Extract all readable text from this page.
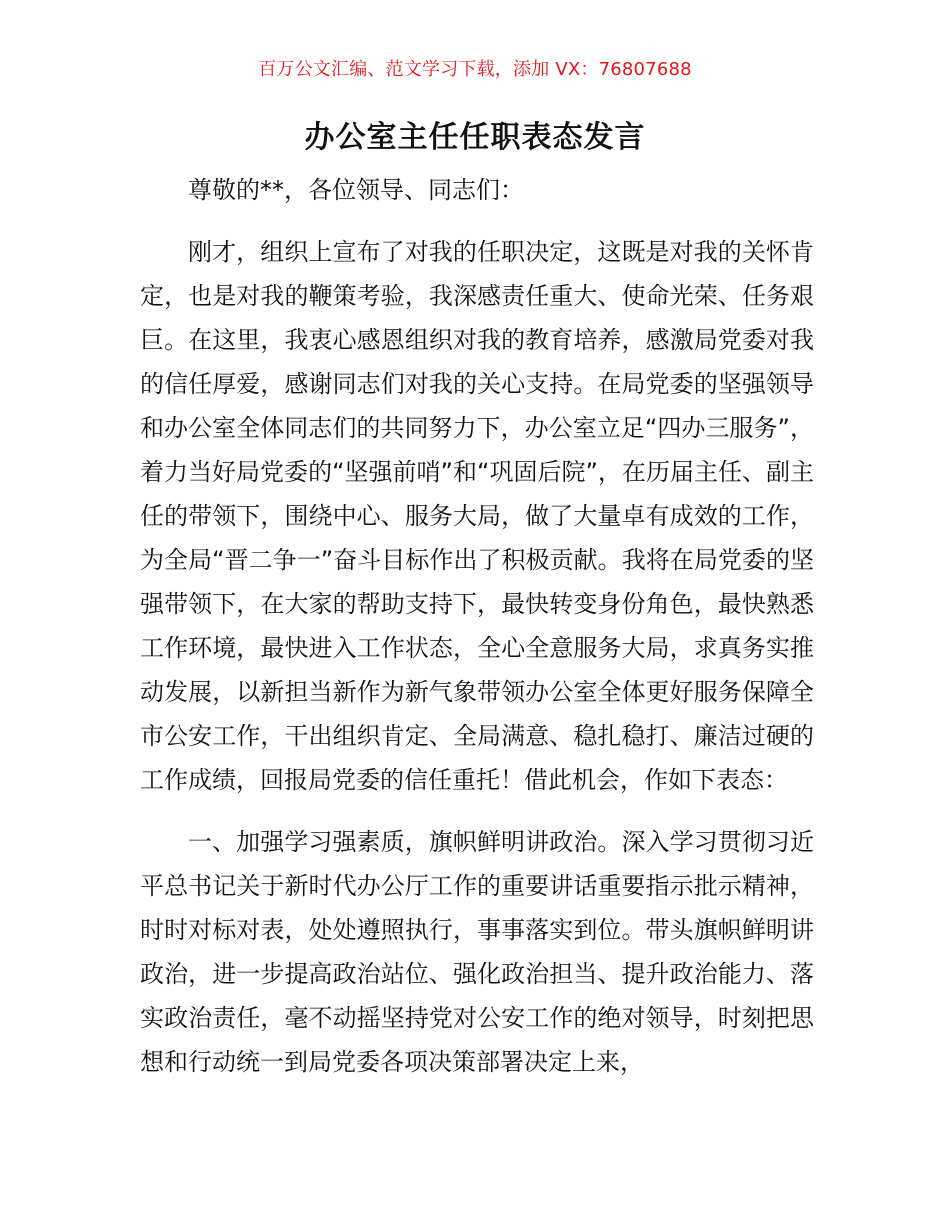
百万公文汇编、范文学习下载，添加 VX：76807688
办公室主任任职表态发言

尊敬的**，各位领导、同志们：

刚才，组织上宣布了对我的任职决定，这既是对我的关怀肯定，也是对我的鞭策考验，我深感责任重大、使命光荣、任务艰巨。在这里，我衷心感恩组织对我的教育培养，感激局党委对我的信任厚爱，感谢同志们对我的关心支持。在局党委的坚强领导和办公室全体同志们的共同努力下，办公室立足“四办三服务”，着力当好局党委的“坚强前哨”和“巩固后院”，在历届主任、副主任的带领下，围绕中心、服务大局，做了大量卓有成效的工作，为全局“晋二争一”奋斗目标作出了积极贡献。我将在局党委的坚强带领下，在大家的帮助支持下，最快转变身份角色，最快熟悉工作环境，最快进入工作状态，全心全意服务大局，求真务实推动发展，以新担当新作为新气象带领办公室全体更好服务保障全市公安工作，干出组织肯定、全局满意、稳扎稳打、廉洁过硬的工作成绩，回报局党委的信任重托！借此机会，作如下表态：

一、加强学习强素质，旗帜鲜明讲政治。深入学习贯彻习近平总书记关于新时代办公厅工作的重要讲话重要指示批示精神，时时对标对表，处处遵照执行，事事落实到位。带头旗帜鲜明讲政治，进一步提高政治站位、强化政治担当、提升政治能力、落实政治责任，毫不动摇坚持党对公安工作的绝对领导，时刻把思想和行动统一到局党委各项决策部署决定上来，
